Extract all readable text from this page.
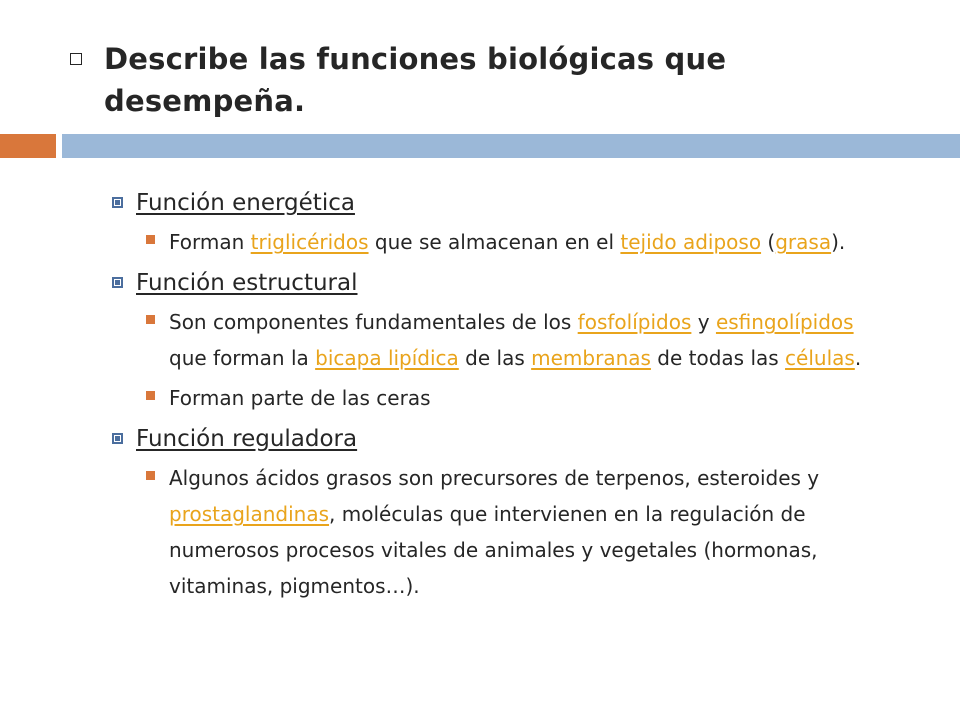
Describe las funciones biológicas que desempeña.
Función energética
Forman triglicéridos que se almacenan en el tejido adiposo (grasa).
Función estructural
Son componentes fundamentales de los fosfolípidos y esfingolípidos que forman la bicapa lipídica de las membranas de todas las células.
Forman parte de las ceras
Función reguladora
Algunos ácidos grasos son precursores de terpenos, esteroides y prostaglandinas, moléculas que intervienen en la regulación de numerosos procesos vitales de animales y vegetales (hormonas, vitaminas, pigmentos…).
